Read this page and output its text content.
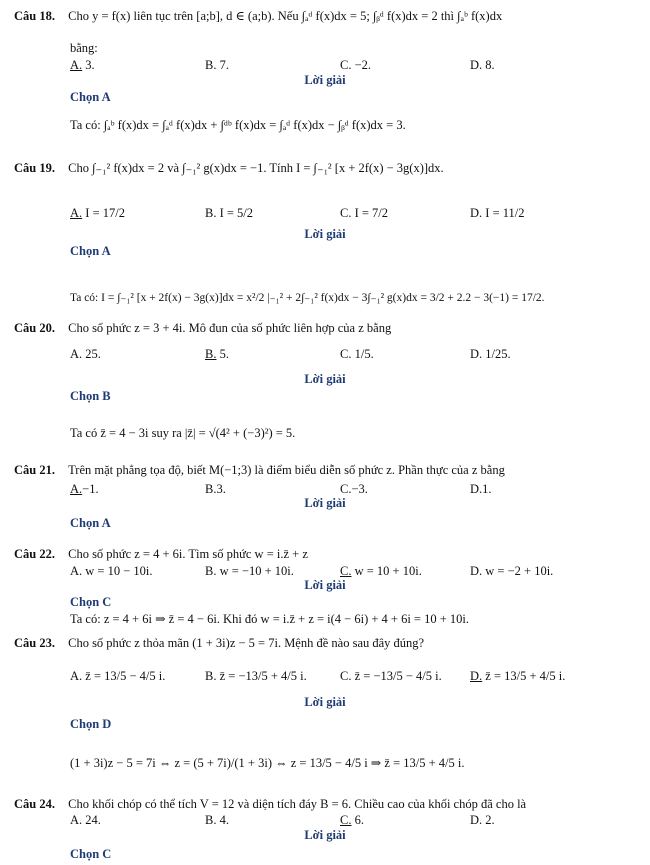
Câu 18. Cho y = f(x) liên tục trên [a;b], d ∈ (a;b). Nếu ∫ₐᵈ f(x)dx = 5; ∫ᵦᵈ f(x)dx = 2 thì ∫ₐᵇ f(x)dx
bằng:
A. 3.	B. 7.	C. −2.	D. 8.
Lời giải
Chọn A
Ta có: ∫ₐᵇ f(x)dx = ∫ₐᵈ f(x)dx + ∫ᵈᵇ f(x)dx = ∫ₐᵈ f(x)dx − ∫ᵦᵈ f(x)dx = 3.
Câu 19. Cho ∫₋₁² f(x)dx = 2 và ∫₋₁² g(x)dx = −1. Tính I = ∫₋₁² [x + 2f(x) − 3g(x)]dx.
A. I = 17/2	B. I = 5/2	C. I = 7/2	D. I = 11/2
Lời giải
Chọn A
Ta có: I = ∫₋₁² [x + 2f(x) − 3g(x)]dx = x²/2 |₋₁² + 2∫₋₁² f(x)dx − 3∫₋₁² g(x)dx = 3/2 + 2.2 − 3(−1) = 17/2.
Câu 20. Cho số phức z = 3 + 4i. Mô đun của số phức liên hợp của z bằng
A. 25.	B. 5.	C. 1/5.	D. 1/25.
Lời giải
Chọn B
Ta có z̄ = 4 − 3i suy ra |z̄| = √(4² + (−3)²) = 5.
Câu 21. Trên mặt phẳng tọa độ, biết M(−1;3) là điểm biểu diễn số phức z. Phần thực của z bằng
A.−1.	B.3.	C.−3.	D.1.
Lời giải
Chọn A
Câu 22. Cho số phức z = 4 + 6i. Tìm số phức w = i.z̄ + z
A. w = 10 − 10i.	B. w = −10 + 10i.	C. w = 10 + 10i.	D. w = −2 + 10i.
Lời giải
Chọn C
Ta có: z = 4 + 6i ⇒ z̄ = 4 − 6i. Khi đó w = i.z̄ + z = i(4 − 6i) + 4 + 6i = 10 + 10i.
Câu 23. Cho số phức z thỏa mãn (1 + 3i)z − 5 = 7i. Mệnh đề nào sau đây đúng?
A. z̄ = 13/5 − 4/5 i.	B. z̄ = −13/5 + 4/5 i.	C. z̄ = −13/5 − 4/5 i. D. z̄ = 13/5 + 4/5 i.
Lời giải
Chọn D
(1 + 3i)z − 5 = 7i ⇔ z = (5 + 7i)/(1 + 3i) ⇔ z = 13/5 − 4/5 i ⇒ z̄ = 13/5 + 4/5 i.
Câu 24. Cho khối chóp có thể tích V = 12 và diện tích đáy B = 6. Chiều cao của khối chóp đã cho là
A. 24.	B. 4.	C. 6.	D. 2.
Lời giải
Chọn C
